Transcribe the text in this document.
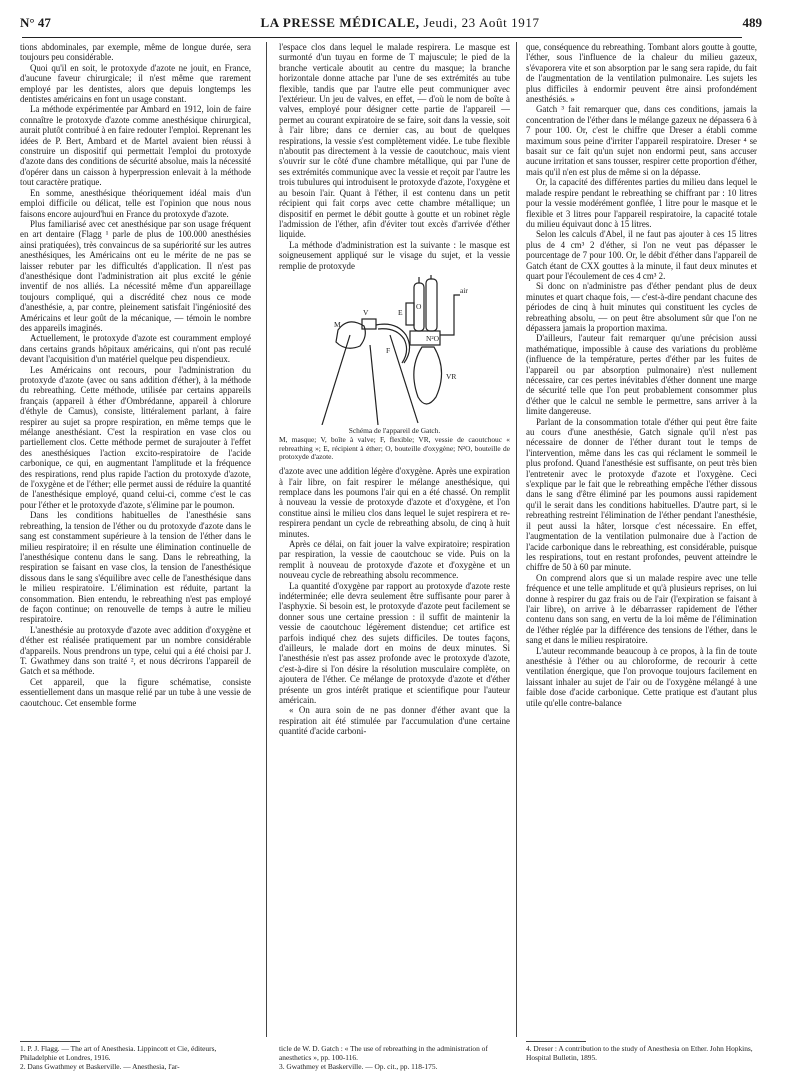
N° 47	LA PRESSE MÉDICALE, Jeudi, 23 Août 1917	489

tions abdominales, par exemple, même de longue durée, sera toujours peu considérable.

Quoi qu'il en soit, le protoxyde d'azote ne jouit, en France, d'aucune faveur chirurgicale; il n'est même que rarement employé par les dentistes, alors que depuis longtemps les dentistes américains en font un usage constant.

La méthode expérimentée par Ambard en 1912, loin de faire connaître le protoxyde d'azote comme anesthésique chirurgical, aurait plutôt contribué à en faire redouter l'emploi. Reprenant les idées de P. Bert, Ambard et de Martel avaient bien réussi à construire un dispositif qui permettait l'emploi du protoxyde d'azote dans des conditions de sécurité absolue, mais la nécessité d'opérer dans un caisson à hyperpression enlevait à la méthode tout caractère pratique.

En somme, anesthésique théoriquement idéal mais d'un emploi difficile ou délicat, telle est l'opinion que nous nous faisons encore aujourd'hui en France du protoxyde d'azote.

Plus familiarisé avec cet anesthésique par son usage fréquent en art dentaire (Flagg ¹ parle de plus de 100.000 anesthésies ainsi pratiquées), très convaincus de sa supériorité sur les autres anesthésiques, les Américains ont eu le mérite de ne pas se laisser rebuter par les difficultés d'application. Il n'est pas d'anesthésique dont l'administration ait plus excité le génie inventif de nos alliés. La nécessité même d'un appareillage toujours compliqué, qui a discrédité chez nous ce mode d'anesthésie, a, par contre, pleinement satisfait l'ingéniosité des Américains et leur goût de la mécanique, — témoin le nombre des appareils imaginés.

Actuellement, le protoxyde d'azote est couramment employé dans certains grands hôpitaux américains, qui n'ont pas reculé devant l'acquisition d'un matériel quelque peu dispendieux.

Les Américains ont recours, pour l'administration du protoxyde d'azote (avec ou sans addition d'éther), à la méthode du rebreathing. Cette méthode, utilisée par certains appareils français (appareil à éther d'Ombrédanne, appareil à chlorure d'éthyle de Camus), consiste, littéralement parlant, à faire respirer au sujet sa propre respiration, en même temps que le mélange anesthésiant. C'est la respiration en vase clos ou partiellement clos. Cette méthode permet de surajouter à l'effet des anesthésiques l'action excito-respiratoire de l'acide carbonique, ce qui, en augmentant l'amplitude et la fréquence des respirations, rend plus rapide l'action du protoxyde d'azote, de l'oxygène et de l'éther; elle permet aussi de réduire la quantité de l'anesthésique employé, quand celui-ci, comme c'est le cas pour l'éther et le protoxyde d'azote, s'élimine par le poumon.

Dans les conditions habituelles de l'anesthésie sans rebreathing, la tension de l'éther ou du protoxyde d'azote dans le sang est constamment supérieure à la tension de l'éther dans le milieu respiratoire; il en résulte une élimination continuelle de l'anesthésique contenu dans le sang. Dans le rebreathing, la respiration se faisant en vase clos, la tension de l'anesthésique dissous dans le sang s'équilibre avec celle de l'anesthésique dans le milieu respiratoire. L'élimination est réduite, partant la consommation. Bien entendu, le rebreathing n'est pas employé de façon continue; on renouvelle de temps à autre le milieu respiratoire.

L'anesthésie au protoxyde d'azote avec addition d'oxygène et d'éther est réalisée pratiquement par un nombre considérable d'appareils. Nous prendrons un type, celui qui a été choisi par J. T. Gwathmey dans son traité ², et nous décrirons l'appareil de Gatch et sa méthode.

Cet appareil, que la figure schématise, consiste essentiellement dans un masque relié par un tube à une vessie de caoutchouc. Cet ensemble forme

l'espace clos dans lequel le malade respirera. Le masque est surmonté d'un tuyau en forme de T majuscule; le pied de la branche verticale aboutit au centre du masque; la branche horizontale donne attache par l'une de ses extrémités au tube flexible, tandis que par l'autre elle peut communiquer avec l'extérieur. Un jeu de valves, en effet, — d'où le nom de boîte à valves, employé pour désigner cette partie de l'appareil — permet au courant expiratoire de se faire, soit dans la vessie, soit à l'air libre; dans ce dernier cas, au bout de quelques respirations, la vessie s'est complètement vidée. Le tube flexible n'aboutit pas directement à la vessie de caoutchouc, mais vient s'ouvrir sur le côté d'une chambre métallique, qui par l'une de ses extrémités communique avec la vessie et reçoit par l'autre les trois tubulures qui introduisent le protoxyde d'azote, l'oxygène et au besoin l'air. Quant à l'éther, il est contenu dans un petit récipient qui fait corps avec cette chambre métallique; un dispositif en permet le débit goutte à goutte et un robinet règle l'admission de l'éther, afin d'éviter tout excès d'arrivée d'éther liquide.

La méthode d'administration est la suivante : le masque est soigneusement appliqué sur le visage du sujet, et la vessie remplie de protoxyde

M
V
F
VR
E
O
N²O
air
Schéma de l'appareil de Gatch.
M, masque; V, boîte à valve; F, flexible; VR, vessie de caoutchouc « rebreathing »; E, récipient à éther; O, bouteille d'oxygène; N²O, bouteille de protoxyde d'azote.

d'azote avec une addition légère d'oxygène. Après une expiration à l'air libre, on fait respirer le mélange anesthésique, qui remplace dans les poumons l'air qui en a été chassé. On remplit à nouveau la vessie de protoxyde d'azote et d'oxygène, et l'on constitue ainsi le milieu clos dans lequel le sujet respirera et re-respirera pendant un cycle de rebreathing absolu, de cinq à huit minutes.

Après ce délai, on fait jouer la valve expiratoire; respiration par respiration, la vessie de caoutchouc se vide. Puis on la remplit à nouveau de protoxyde d'azote et d'oxygène et un nouveau cycle de rebreathing absolu recommence.

La quantité d'oxygène par rapport au protoxyde d'azote reste indéterminée; elle devra seulement être suffisante pour parer à l'asphyxie. Si besoin est, le protoxyde d'azote peut facilement se donner sous une certaine pression : il suffit de maintenir la vessie de caoutchouc légèrement distendue; cet artifice est parfois indiqué chez des sujets difficiles. De toutes façons, d'ailleurs, le malade dort en moins de deux minutes. Si l'anesthésie n'est pas assez profonde avec le protoxyde d'azote, c'est-à-dire si l'on désire la résolution musculaire complète, on ajoutera de l'éther. Ce mélange de protoxyde d'azote et d'éther présente un gros intérêt pratique et scientifique pour l'auteur américain.

« On aura soin de ne pas donner d'éther avant que la respiration ait été stimulée par l'accumulation d'une certaine quantité d'acide carboni-

que, conséquence du rebreathing. Tombant alors goutte à goutte, l'éther, sous l'influence de la chaleur du milieu gazeux, s'évaporera vite et son absorption par le sang sera rapide, du fait de l'augmentation de la ventilation pulmonaire. Les sujets les plus difficiles à endormir peuvent être ainsi profondément anesthésiés. »

Gatch ³ fait remarquer que, dans ces conditions, jamais la concentration de l'éther dans le mélange gazeux ne dépassera 6 à 7 pour 100. Or, c'est le chiffre que Dreser a établi comme maximum sous peine d'irriter l'appareil respiratoire. Dreser ⁴ se basait sur ce fait qu'un sujet non endormi peut, sans accuser aucune irritation et sans tousser, respirer cette proportion d'éther, mais qu'il n'en est plus de même si on la dépasse.

Or, la capacité des différentes parties du milieu dans lequel le malade respire pendant le rebreathing se chiffrant par : 10 litres pour la vessie modérément gonflée, 1 litre pour le masque et le flexible et 3 litres pour l'appareil respiratoire, la capacité totale du milieu équivaut donc à 15 litres.

Selon les calculs d'Abel, il ne faut pas ajouter à ces 15 litres plus de 4 cm³ 2 d'éther, si l'on ne veut pas dépasser le pourcentage de 7 pour 100. Or, le débit d'éther dans l'appareil de Gatch étant de CXX gouttes à la minute, il faut deux minutes et quart pour l'écoulement de ces 4 cm³ 2.

Si donc on n'administre pas d'éther pendant plus de deux minutes et quart chaque fois, — c'est-à-dire pendant chacune des périodes de cinq à huit minutes qui constituent les cycles de rebreathing absolu, — on peut être absolument sûr que l'on ne dépassera jamais la proportion maxima.

D'ailleurs, l'auteur fait remarquer qu'une précision aussi mathématique, impossible à cause des variations du problème (influence de la température, pertes d'éther par les fuites de l'appareil ou par absorption pulmonaire) n'est nullement nécessaire, car ces pertes inévitables d'éther donnent une marge de sécurité telle que l'on peut probablement consommer plus d'éther que le calcul ne semble le permettre, sans arriver à la limite dangereuse.

Parlant de la consommation totale d'éther qui peut être faite au cours d'une anesthésie, Gatch signale qu'il n'est pas nécessaire de donner de l'éther durant tout le temps de l'intervention, même dans les cas qui réclament le sommeil le plus profond. Quand l'anesthésie est suffisante, on peut très bien l'entretenir avec le protoxyde d'azote et l'oxygène. Ceci s'explique par le fait que le rebreathing empêche l'éther dissous dans le sang d'être éliminé par les poumons aussi rapidement qu'il le serait dans les conditions habituelles. D'autre part, si le rebreathing restreint l'élimination de l'éther pendant l'anesthésie, il peut aussi la hâter, lorsque c'est nécessaire. En effet, l'augmentation de la ventilation pulmonaire due à l'action de l'acide carbonique dans le rebreathing, est considérable, puisque les respirations, tout en restant profondes, peuvent atteindre le chiffre de 50 à 60 par minute.

On comprend alors que si un malade respire avec une telle fréquence et une telle amplitude et qu'à plusieurs reprises, on lui donne à respirer du gaz frais ou de l'air (l'expiration se faisant à l'air libre), on arrive à le débarrasser rapidement de l'éther contenu dans son sang, en vertu de la loi même de l'élimination de l'éther réglée par la différence des tensions de l'éther, dans le sang et dans le milieu respiratoire.

L'auteur recommande beaucoup à ce propos, à la fin de toute anesthésie à l'éther ou au chloroforme, de recourir à cette ventilation énergique, que l'on provoque toujours facilement en laissant inhaler au sujet de l'air ou de l'oxygène mélangé à une faible dose d'acide carbonique. Cette pratique est d'autant plus utile qu'elle contre-balance

1. P. J. Flagg. — The art of Anesthesia. Lippincott et Cie, éditeurs, Philadelphie et Londres, 1916.

2. Dans Gwathmey et Baskerville. — Anesthesia, l'ar-

ticle de W. D. Gatch : « The use of rebreathing in the administration of anesthetics », pp. 100-116.

3. Gwathmey et Baskerville. — Op. cit., pp. 118-175.

4. Dreser : A contribution to the study of Anesthesia on Ether. John Hopkins, Hospital Bulletin, 1895.
